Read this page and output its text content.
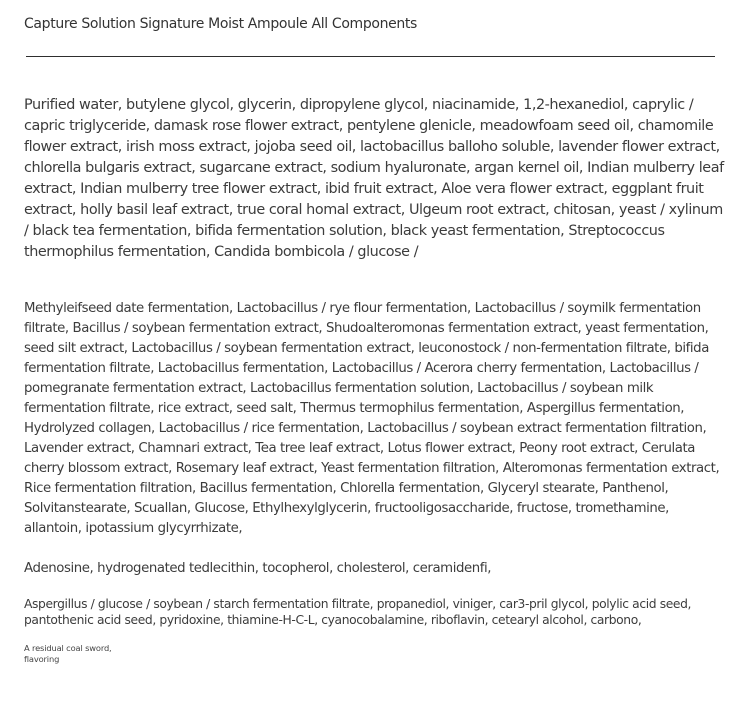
Capture Solution Signature Moist Ampoule All Components

Purified water, butylene glycol, glycerin, dipropylene glycol, niacinamide, 1,2-hexanediol, caprylic / capric triglyceride, damask rose flower extract, pentylene glenicle, meadowfoam seed oil, chamomile flower extract, irish moss extract, jojoba seed oil, lactobacillus balloho soluble, lavender flower extract, chlorella bulgaris extract, sugarcane extract, sodium hyaluronate, argan kernel oil, Indian mulberry leaf extract, Indian mulberry tree flower extract, ibid fruit extract, Aloe vera flower extract, eggplant fruit extract, holly basil leaf extract, true coral homal extract, Ulgeum root extract, chitosan, yeast / xylinum / black tea fermentation, bifida fermentation solution, black yeast fermentation, Streptococcus thermophilus fermentation, Candida bombicola / glucose /

Methyleifseed date fermentation, Lactobacillus / rye flour fermentation, Lactobacillus / soymilk fermentation filtrate, Bacillus / soybean fermentation extract, Shudoalteromonas fermentation extract, yeast fermentation, seed silt extract, Lactobacillus / soybean fermentation extract, leuconostock / non-fermentation filtrate, bifida fermentation filtrate, Lactobacillus fermentation, Lactobacillus / Acerora cherry fermentation, Lactobacillus / pomegranate fermentation extract, Lactobacillus fermentation solution, Lactobacillus / soybean milk fermentation filtrate, rice extract, seed salt, Thermus termophilus fermentation, Aspergillus fermentation, Hydrolyzed collagen, Lactobacillus / rice fermentation, Lactobacillus / soybean extract fermentation filtration, Lavender extract, Chamnari extract, Tea tree leaf extract, Lotus flower extract, Peony root extract, Cerulata cherry blossom extract, Rosemary leaf extract, Yeast fermentation filtration, Alteromonas fermentation extract, Rice fermentation filtration, Bacillus fermentation, Chlorella fermentation, Glyceryl stearate, Panthenol, Solvitanstearate, Scuallan, Glucose, Ethylhexylglycerin, fructooligosaccharide, fructose, tromethamine, allantoin, ipotassium glycyrrhizate,

Adenosine, hydrogenated tedlecithin, tocopherol, cholesterol, ceramidenfi,

Aspergillus / glucose / soybean / starch fermentation filtrate, propanediol, viniger, car3-pril glycol, polylic acid seed, pantothenic acid seed, pyridoxine, thiamine-H-C-L, cyanocobalamine, riboflavin, cetearyl alcohol, carbono,

A residual coal sword, flavoring
